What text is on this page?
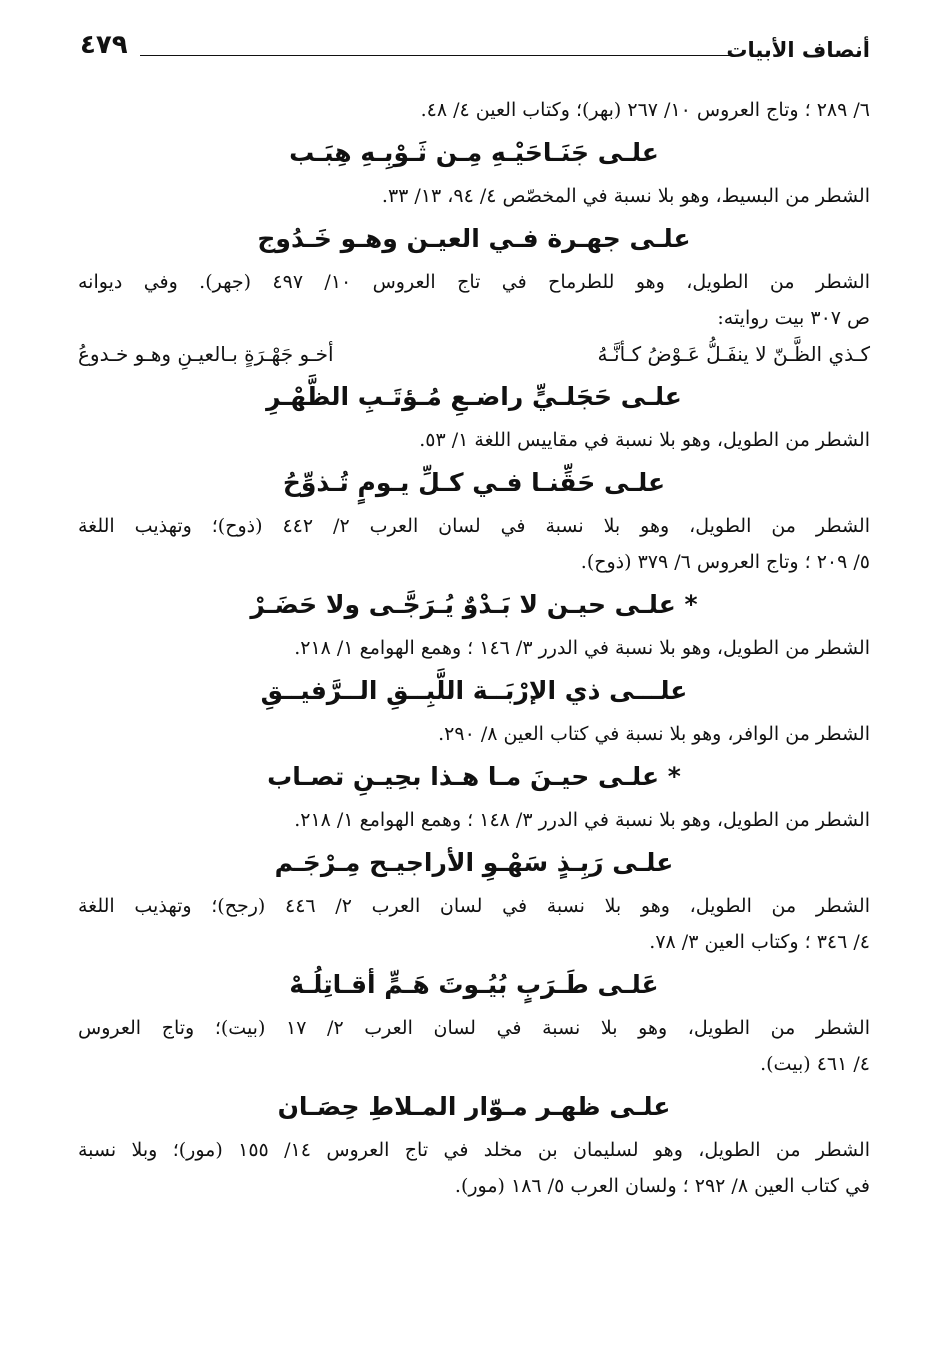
٤٧٩	أنصاف الأبيات
٦/ ٢٨٩ ؛ وتاج العروس ١٠/ ٢٦٧ (بهر)؛ وكتاب العين ٤/ ٤٨.
علـى جَنَـاحَيْـهِ مِـن ثَـوْبِـهِ هِبَـب
الشطر من البسيط، وهو بلا نسبة في المخصّص ٤/ ٩٤، ١٣/ ٣٣.
علـى جهـرة فـي العيـن وهـو خَـدُوج
الشطر من الطويل، وهو للطرماح في تاج العروس ١٠/ ٤٩٧ (جهر). وفي ديوانه
ص ٣٠٧ بيت روايته:
كـذي الظَّـنّ لا ينفَـلُّ عَـوْضُ كـأنَّـهُ
أخـو جَهْـرَةٍ بـالعيـنِ وهـو خـدوعُ
علـى حَجَلـيٍّ راضـعِ مُـؤتَـبِ الظَّهْـرِ
الشطر من الطويل، وهو بلا نسبة في مقاييس اللغة ١/ ٥٣.
علـى حَقِّنـا فـي كـلِّ يـومٍ تُـذوِّحُ
الشطر من الطويل، وهو بلا نسبة في لسان العرب ٢/ ٤٤٢ (ذوح)؛ وتهذيب اللغة
٥/ ٢٠٩ ؛ وتاج العروس ٦/ ٣٧٩ (ذوح).
* علـى حيـن لا بَـدْوٌ يُـرَجَّـى ولا حَضَـرْ
الشطر من الطويل، وهو بلا نسبة في الدرر ٣/ ١٤٦ ؛ وهمع الهوامع ١/ ٢١٨.
علـــى ذي الإرْبَــة اللَّبِــقِ الــرَّفيــقِ
الشطر من الوافر، وهو بلا نسبة في كتاب العين ٨/ ٢٩٠.
* علـى حيـنَ مـا هـذا بحِيـنِ تصـاب
الشطر من الطويل، وهو بلا نسبة في الدرر ٣/ ١٤٨ ؛ وهمع الهوامع ١/ ٢١٨.
علـى رَبِـذٍ سَهْـوِ الأراجيـح مِـرْجَـم
الشطر من الطويل، وهو بلا نسبة في لسان العرب ٢/ ٤٤٦ (رجح)؛ وتهذيب اللغة
٤/ ٣٤٦ ؛ وكتاب العين ٣/ ٧٨.
عَلـى طَـرَبٍ بُيُـوتَ هَـمٍّ أقـاتِلُـهْ
الشطر من الطويل، وهو بلا نسبة في لسان العرب ٢/ ١٧ (بيت)؛ وتاج العروس
٤/ ٤٦١ (بيت).
علـى ظهـر مـوّار المـلاطِ حِصَـان
الشطر من الطويل، وهو لسليمان بن مخلد في تاج العروس ١٤/ ١٥٥ (مور)؛ وبلا نسبة
في كتاب العين ٨/ ٢٩٢ ؛ ولسان العرب ٥/ ١٨٦ (مور).
